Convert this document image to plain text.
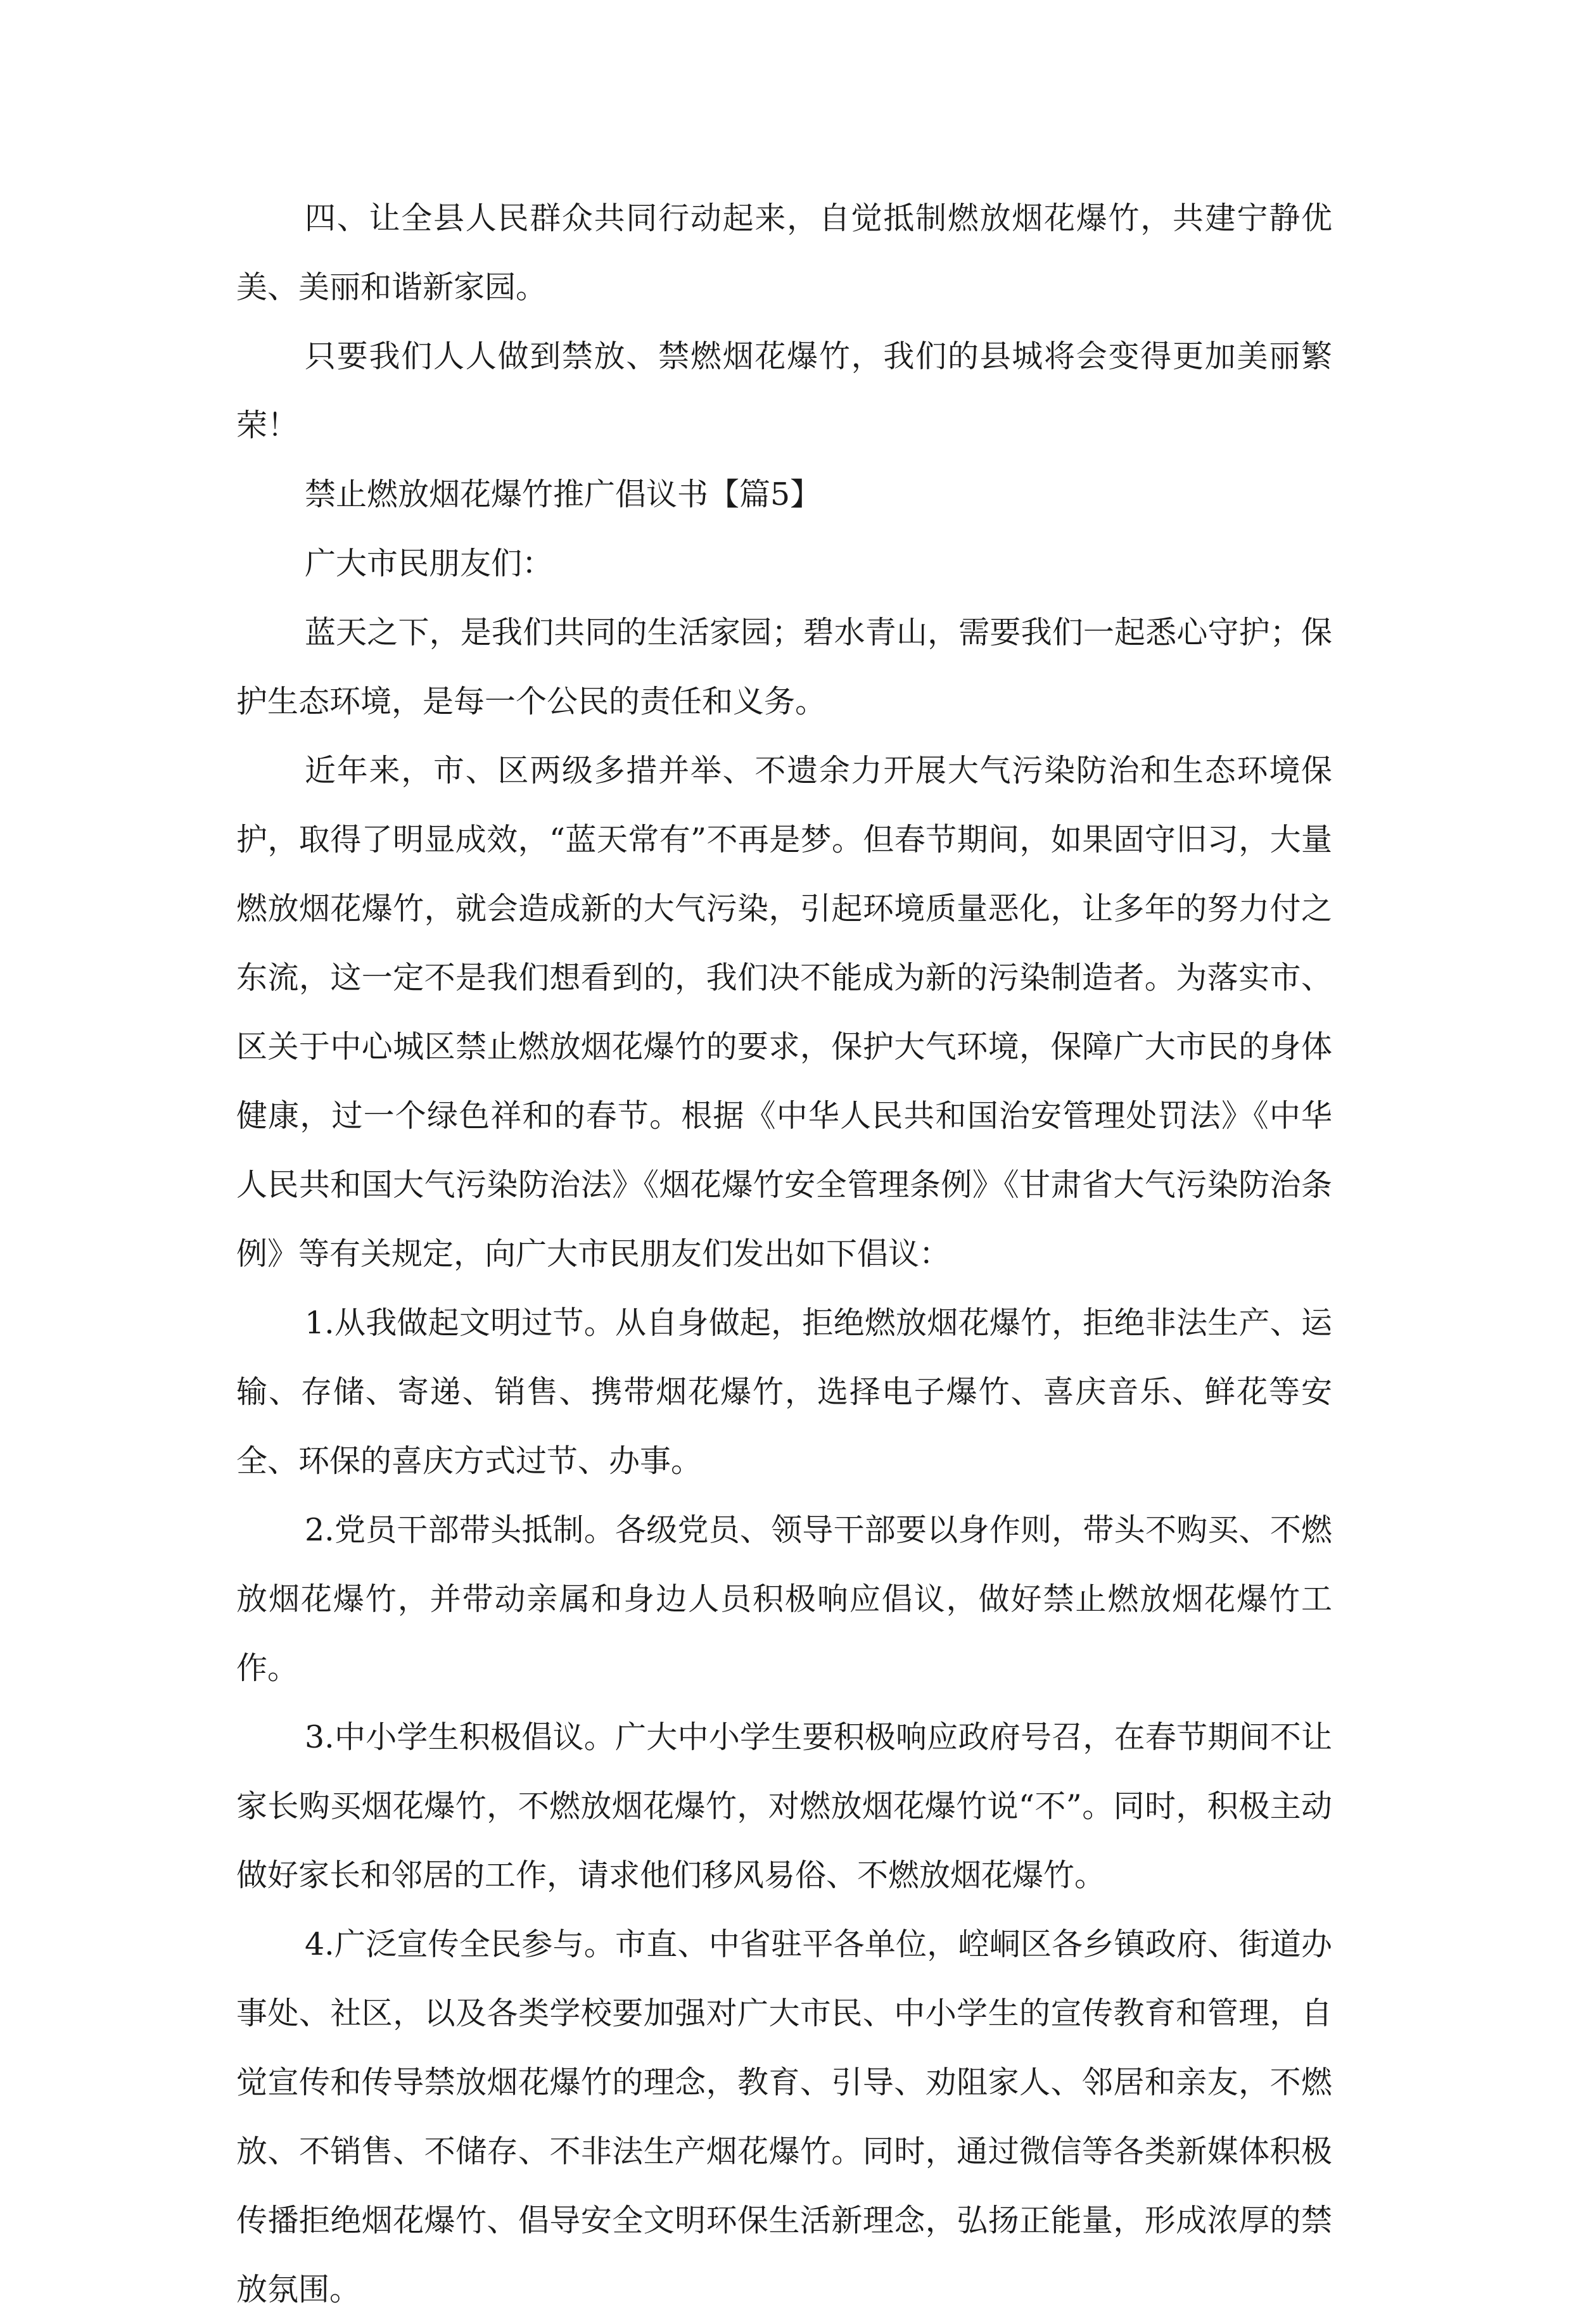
四、让全县人民群众共同行动起来，自觉抵制燃放烟花爆竹，共建宁静优美、美丽和谐新家园。

只要我们人人做到禁放、禁燃烟花爆竹，我们的县城将会变得更加美丽繁荣！

禁止燃放烟花爆竹推广倡议书【篇5】

广大市民朋友们：

蓝天之下，是我们共同的生活家园；碧水青山，需要我们一起悉心守护；保护生态环境，是每一个公民的责任和义务。

近年来，市、区两级多措并举、不遗余力开展大气污染防治和生态环境保护，取得了明显成效，“蓝天常有”不再是梦。但春节期间，如果固守旧习，大量燃放烟花爆竹，就会造成新的大气污染，引起环境质量恶化，让多年的努力付之东流，这一定不是我们想看到的，我们决不能成为新的污染制造者。为落实市、区关于中心城区禁止燃放烟花爆竹的要求，保护大气环境，保障广大市民的身体健康，过一个绿色祥和的春节。根据《中华人民共和国治安管理处罚法》《中华人民共和国大气污染防治法》《烟花爆竹安全管理条例》《甘肃省大气污染防治条例》等有关规定，向广大市民朋友们发出如下倡议：

1.从我做起文明过节。从自身做起，拒绝燃放烟花爆竹，拒绝非法生产、运输、存储、寄递、销售、携带烟花爆竹，选择电子爆竹、喜庆音乐、鲜花等安全、环保的喜庆方式过节、办事。

2.党员干部带头抵制。各级党员、领导干部要以身作则，带头不购买、不燃放烟花爆竹，并带动亲属和身边人员积极响应倡议，做好禁止燃放烟花爆竹工作。

3.中小学生积极倡议。广大中小学生要积极响应政府号召，在春节期间不让家长购买烟花爆竹，不燃放烟花爆竹，对燃放烟花爆竹说“不”。同时，积极主动做好家长和邻居的工作，请求他们移风易俗、不燃放烟花爆竹。

4.广泛宣传全民参与。市直、中省驻平各单位，崆峒区各乡镇政府、街道办事处、社区，以及各类学校要加强对广大市民、中小学生的宣传教育和管理，自觉宣传和传导禁放烟花爆竹的理念，教育、引导、劝阻家人、邻居和亲友，不燃放、不销售、不储存、不非法生产烟花爆竹。同时，通过微信等各类新媒体积极传播拒绝烟花爆竹、倡导安全文明环保生活新理念，弘扬正能量，形成浓厚的禁放氛围。
